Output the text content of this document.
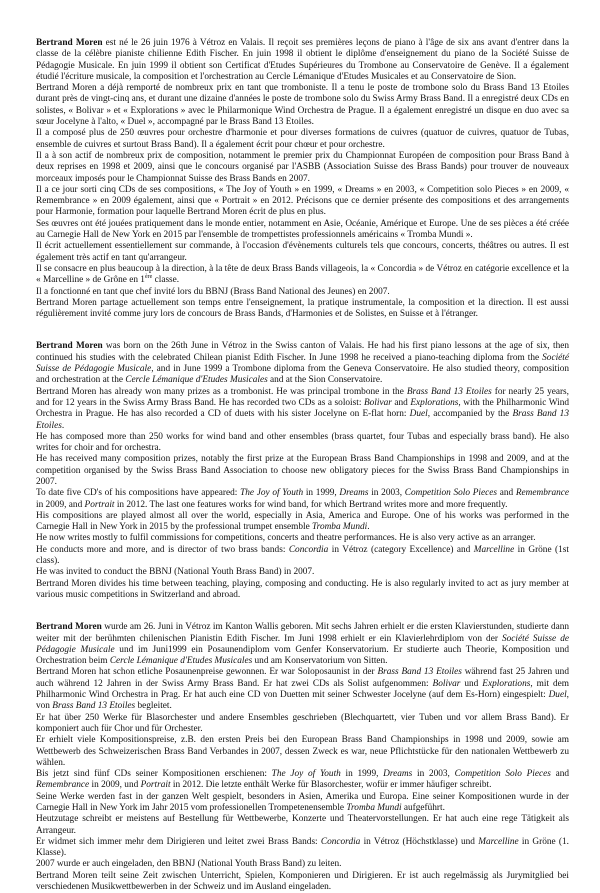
Bertrand Moren est né le 26 juin 1976 à Vétroz en Valais. Il reçoit ses premières leçons de piano à l'âge de six ans avant d'entrer dans la classe de la célèbre pianiste chilienne Edith Fischer. En juin 1998 il obtient le diplôme d'enseignement du piano de la Société Suisse de Pédagogie Musicale. En juin 1999 il obtient son Certificat d'Etudes Supérieures du Trombone au Conservatoire de Genève. Il a également étudié l'écriture musicale, la composition et l'orchestration au Cercle Lémanique d'Etudes Musicales et au Conservatoire de Sion.
Bertrand Moren a déjà remporté de nombreux prix en tant que tromboniste. Il a tenu le poste de trombone solo du Brass Band 13 Etoiles durant près de vingt-cinq ans, et durant une dizaine d'années le poste de trombone solo du Swiss Army Brass Band. Il a enregistré deux CDs en solistes, « Bolivar » et « Explorations » avec le Philarmonique Wind Orchestra de Prague. Il a également enregistré un disque en duo avec sa sœur Jocelyne à l'alto, « Duel », accompagné par le Brass Band 13 Etoiles.
Il a composé plus de 250 œuvres pour orchestre d'harmonie et pour diverses formations de cuivres (quatuor de cuivres, quatuor de Tubas, ensemble de cuivres et surtout Brass Band). Il a également écrit pour chœur et pour orchestre.
Il a à son actif de nombreux prix de composition, notamment le premier prix du Championnat Européen de composition pour Brass Band à deux reprises en 1998 et 2009, ainsi que le concours organisé par l'ASBB (Association Suisse des Brass Bands) pour trouver de nouveaux morceaux imposés pour le Championnat Suisse des Brass Bands en 2007.
Il a ce jour sorti cinq CDs de ses compositions, « The Joy of Youth » en 1999, « Dreams » en 2003, « Competition solo Pieces » en 2009, « Remembrance » en 2009 également, ainsi que « Portrait » en 2012. Précisons que ce dernier présente des compositions et des arrangements pour Harmonie, formation pour laquelle Bertrand Moren écrit de plus en plus.
Ses œuvres ont été jouées pratiquement dans le monde entier, notamment en Asie, Océanie, Amérique et Europe. Une de ses pièces a été créée au Carnegie Hall de New York en 2015 par l'ensemble de trompettistes professionnels américains « Tromba Mundi ».
Il écrit actuellement essentiellement sur commande, à l'occasion d'évènements culturels tels que concours, concerts, théâtres ou autres. Il est également très actif en tant qu'arrangeur.
Il se consacre en plus beaucoup à la direction, à la tête de deux Brass Bands villageois, la « Concordia » de Vétroz en catégorie excellence et la « Marcelline » de Grône en 1ère classe.
Il a fonctionné en tant que chef invité lors du BBNJ (Brass Band National des Jeunes) en 2007.
Bertrand Moren partage actuellement son temps entre l'enseignement, la pratique instrumentale, la composition et la direction. Il est aussi régulièrement invité comme jury lors de concours de Brass Bands, d'Harmonies et de Solistes, en Suisse et à l'étranger.
Bertrand Moren was born on the 26th June in Vétroz in the Swiss canton of Valais. He had his first piano lessons at the age of six, then continued his studies with the celebrated Chilean pianist Edith Fischer. In June 1998 he received a piano-teaching diploma from the Société Suisse de Pédagogie Musicale, and in June 1999 a Trombone diploma from the Geneva Conservatoire. He also studied theory, composition and orchestration at the Cercle Lémanique d'Etudes Musicales and at the Sion Conservatoire.
Bertrand Moren has already won many prizes as a trombonist. He was principal trombone in the Brass Band 13 Etoiles for nearly 25 years, and for 12 years in the Swiss Army Brass Band. He has recorded two CDs as a soloist: Bolivar and Explorations, with the Philharmonic Wind Orchestra in Prague. He has also recorded a CD of duets with his sister Jocelyne on E-flat horn: Duel, accompanied by the Brass Band 13 Etoiles.
He has composed more than 250 works for wind band and other ensembles (brass quartet, four Tubas and especially brass band). He also writes for choir and for orchestra.
He has received many composition prizes, notably the first prize at the European Brass Band Championships in 1998 and 2009, and at the competition organised by the Swiss Brass Band Association to choose new obligatory pieces for the Swiss Brass Band Championships in 2007.
To date five CD's of his compositions have appeared: The Joy of Youth in 1999, Dreams in 2003, Competition Solo Pieces and Remembrance in 2009, and Portrait in 2012. The last one features works for wind band, for which Bertrand writes more and more frequently.
His compositions are played almost all over the world, especially in Asia, America and Europe. One of his works was performed in the Carnegie Hall in New York in 2015 by the professional trumpet ensemble Tromba Mundi.
He now writes mostly to fulfil commissions for competitions, concerts and theatre performances. He is also very active as an arranger.
He conducts more and more, and is director of two brass bands: Concordia in Vétroz (category Excellence) and Marcelline in Gröne (1st class).
He was invited to conduct the BBNJ (National Youth Brass Band) in 2007.
Bertrand Moren divides his time between teaching, playing, composing and conducting. He is also regularly invited to act as jury member at various music competitions in Switzerland and abroad.
Bertrand Moren wurde am 26. Juni in Vétroz im Kanton Wallis geboren. Mit sechs Jahren erhielt er die ersten Klavierstunden, studierte dann weiter mit der berühmten chilenischen Pianistin Edith Fischer. Im Juni 1998 erhielt er ein Klavierlehrdiplom von der Société Suisse de Pédagogie Musicale und im Juni1999 ein Posaunendiplom vom Genfer Konservatorium. Er studierte auch Theorie, Komposition und Orchestration beim Cercle Lémanique d'Etudes Musicales und am Konservatorium von Sitten.
Bertrand Moren hat schon etliche Posaunenpreise gewonnen. Er war Soloposaunist in der Brass Band 13 Etoiles während fast 25 Jahren und auch während 12 Jahren in der Swiss Army Brass Band. Er hat zwei CDs als Solist aufgenommen: Bolivar und Explorations, mit dem Philharmonic Wind Orchestra in Prag. Er hat auch eine CD von Duetten mit seiner Schwester Jocelyne (auf dem Es-Horn) eingespielt: Duel, von Brass Band 13 Etoiles begleitet.
Er hat über 250 Werke für Blasorchester und andere Ensembles geschrieben (Blechquartett, vier Tuben und vor allem Brass Band). Er komponiert auch für Chor und für Orchester.
Er erhielt viele Kompositionspreise, z.B. den ersten Preis bei den European Brass Band Championships in 1998 und 2009, sowie am Wettbewerb des Schweizerischen Brass Band Verbandes in 2007, dessen Zweck es war, neue Pflichtstücke für den nationalen Wettbewerb zu wählen.
Bis jetzt sind fünf CDs seiner Kompositionen erschienen: The Joy of Youth in 1999, Dreams in 2003, Competition Solo Pieces and Remembrance in 2009, und Portrait in 2012. Die letzte enthält Werke für Blasorchester, wofür er immer häufiger schreibt.
Seine Werke werden fast in der ganzen Welt gespielt, besonders in Asien, Amerika und Europa. Eine seiner Kompositionen wurde in der Carnegie Hall in New York im Jahr 2015 vom professionellen Trompetenensemble Tromba Mundi aufgeführt.
Heutzutage schreibt er meistens auf Bestellung für Wettbewerbe, Konzerte und Theatervorstellungen. Er hat auch eine rege Tätigkeit als Arrangeur.
Er widmet sich immer mehr dem Dirigieren und leitet zwei Brass Bands: Concordia in Vétroz (Höchstklasse) und Marcelline in Gröne (1. Klasse).
2007 wurde er auch eingeladen, den BBNJ (National Youth Brass Band) zu leiten.
Bertrand Moren teilt seine Zeit zwischen Unterricht, Spielen, Komponieren und Dirigieren. Er ist auch regelmässig als Jurymitglied bei verschiedenen Musikwettbewerben in der Schweiz und im Ausland eingeladen.
